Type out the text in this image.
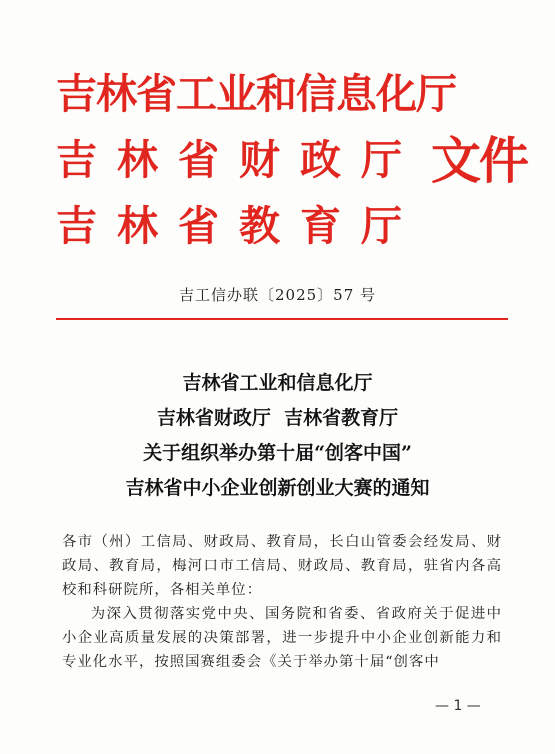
吉林省工业和信息化厅
吉林省财政厅
吉林省教育厅
文件
吉工信办联〔2025〕57 号
吉林省工业和信息化厅
吉林省财政厅  吉林省教育厅
关于组织举办第十届“创客中国”
吉林省中小企业创新创业大赛的通知

各市（州）工信局、财政局、教育局，长白山管委会经发局、财政局、教育局，梅河口市工信局、财政局、教育局，驻省内各高校和科研院所，各相关单位：

为深入贯彻落实党中央、国务院和省委、省政府关于促进中小企业高质量发展的决策部署，进一步提升中小企业创新能力和专业化水平，按照国赛组委会《关于举办第十届“创客中

— 1 —
